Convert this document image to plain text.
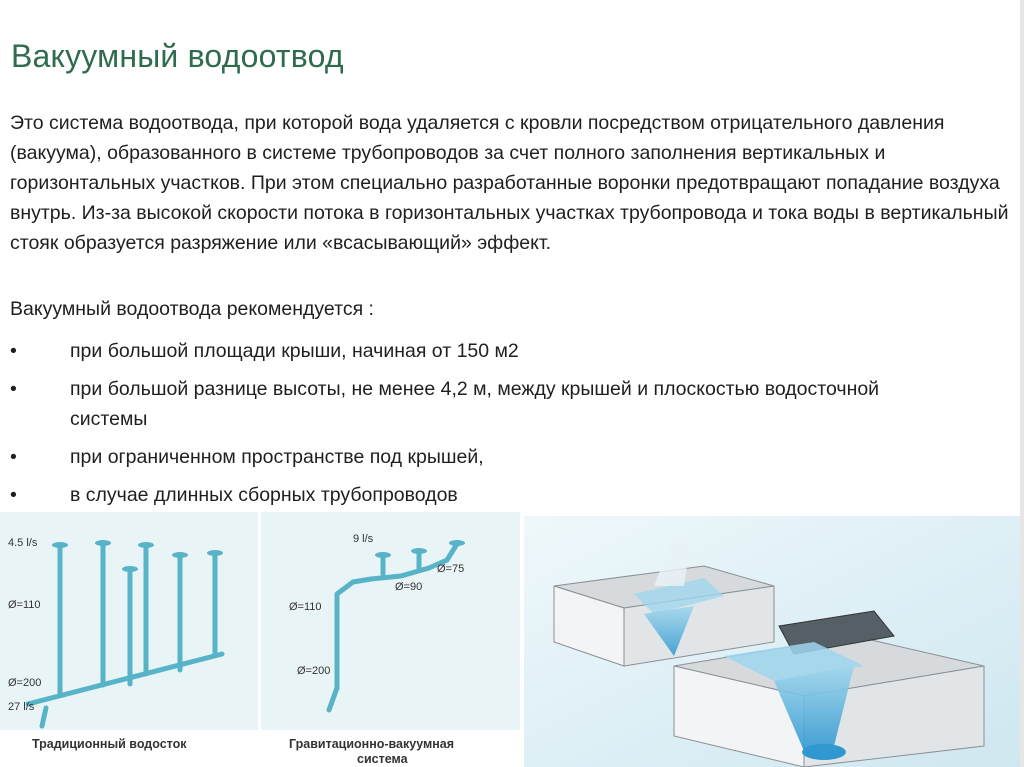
Вакуумный водоотвод

Это система водоотвода, при которой вода удаляется с кровли посредством отрицательного давления (вакуума), образованного в системе трубопроводов за счет полного заполнения вертикальных и горизонтальных участков. При этом специально разработанные воронки предотвращают попадание воздуха внутрь. Из-за высокой скорости потока в горизонтальных участках трубопровода и тока воды в вертикальный стояк образуется разряжение или «всасывающий» эффект.

Вакуумный водоотвода рекомендуется :
•	при большой площади крыши, начиная от 150 м2
•	при большой разнице высоты, не менее 4,2 м, между крышей и плоскостью водосточной системы
•	при ограниченном пространстве под крышей,
•	в случае длинных сборных трубопроводов
4.5 l/s
Ø=110
Ø=200
27 l/s
Традиционный водосток
9 l/s
Ø=90
Ø=75
Ø=110
Ø=200
Гравитационно-вакуумная
система
